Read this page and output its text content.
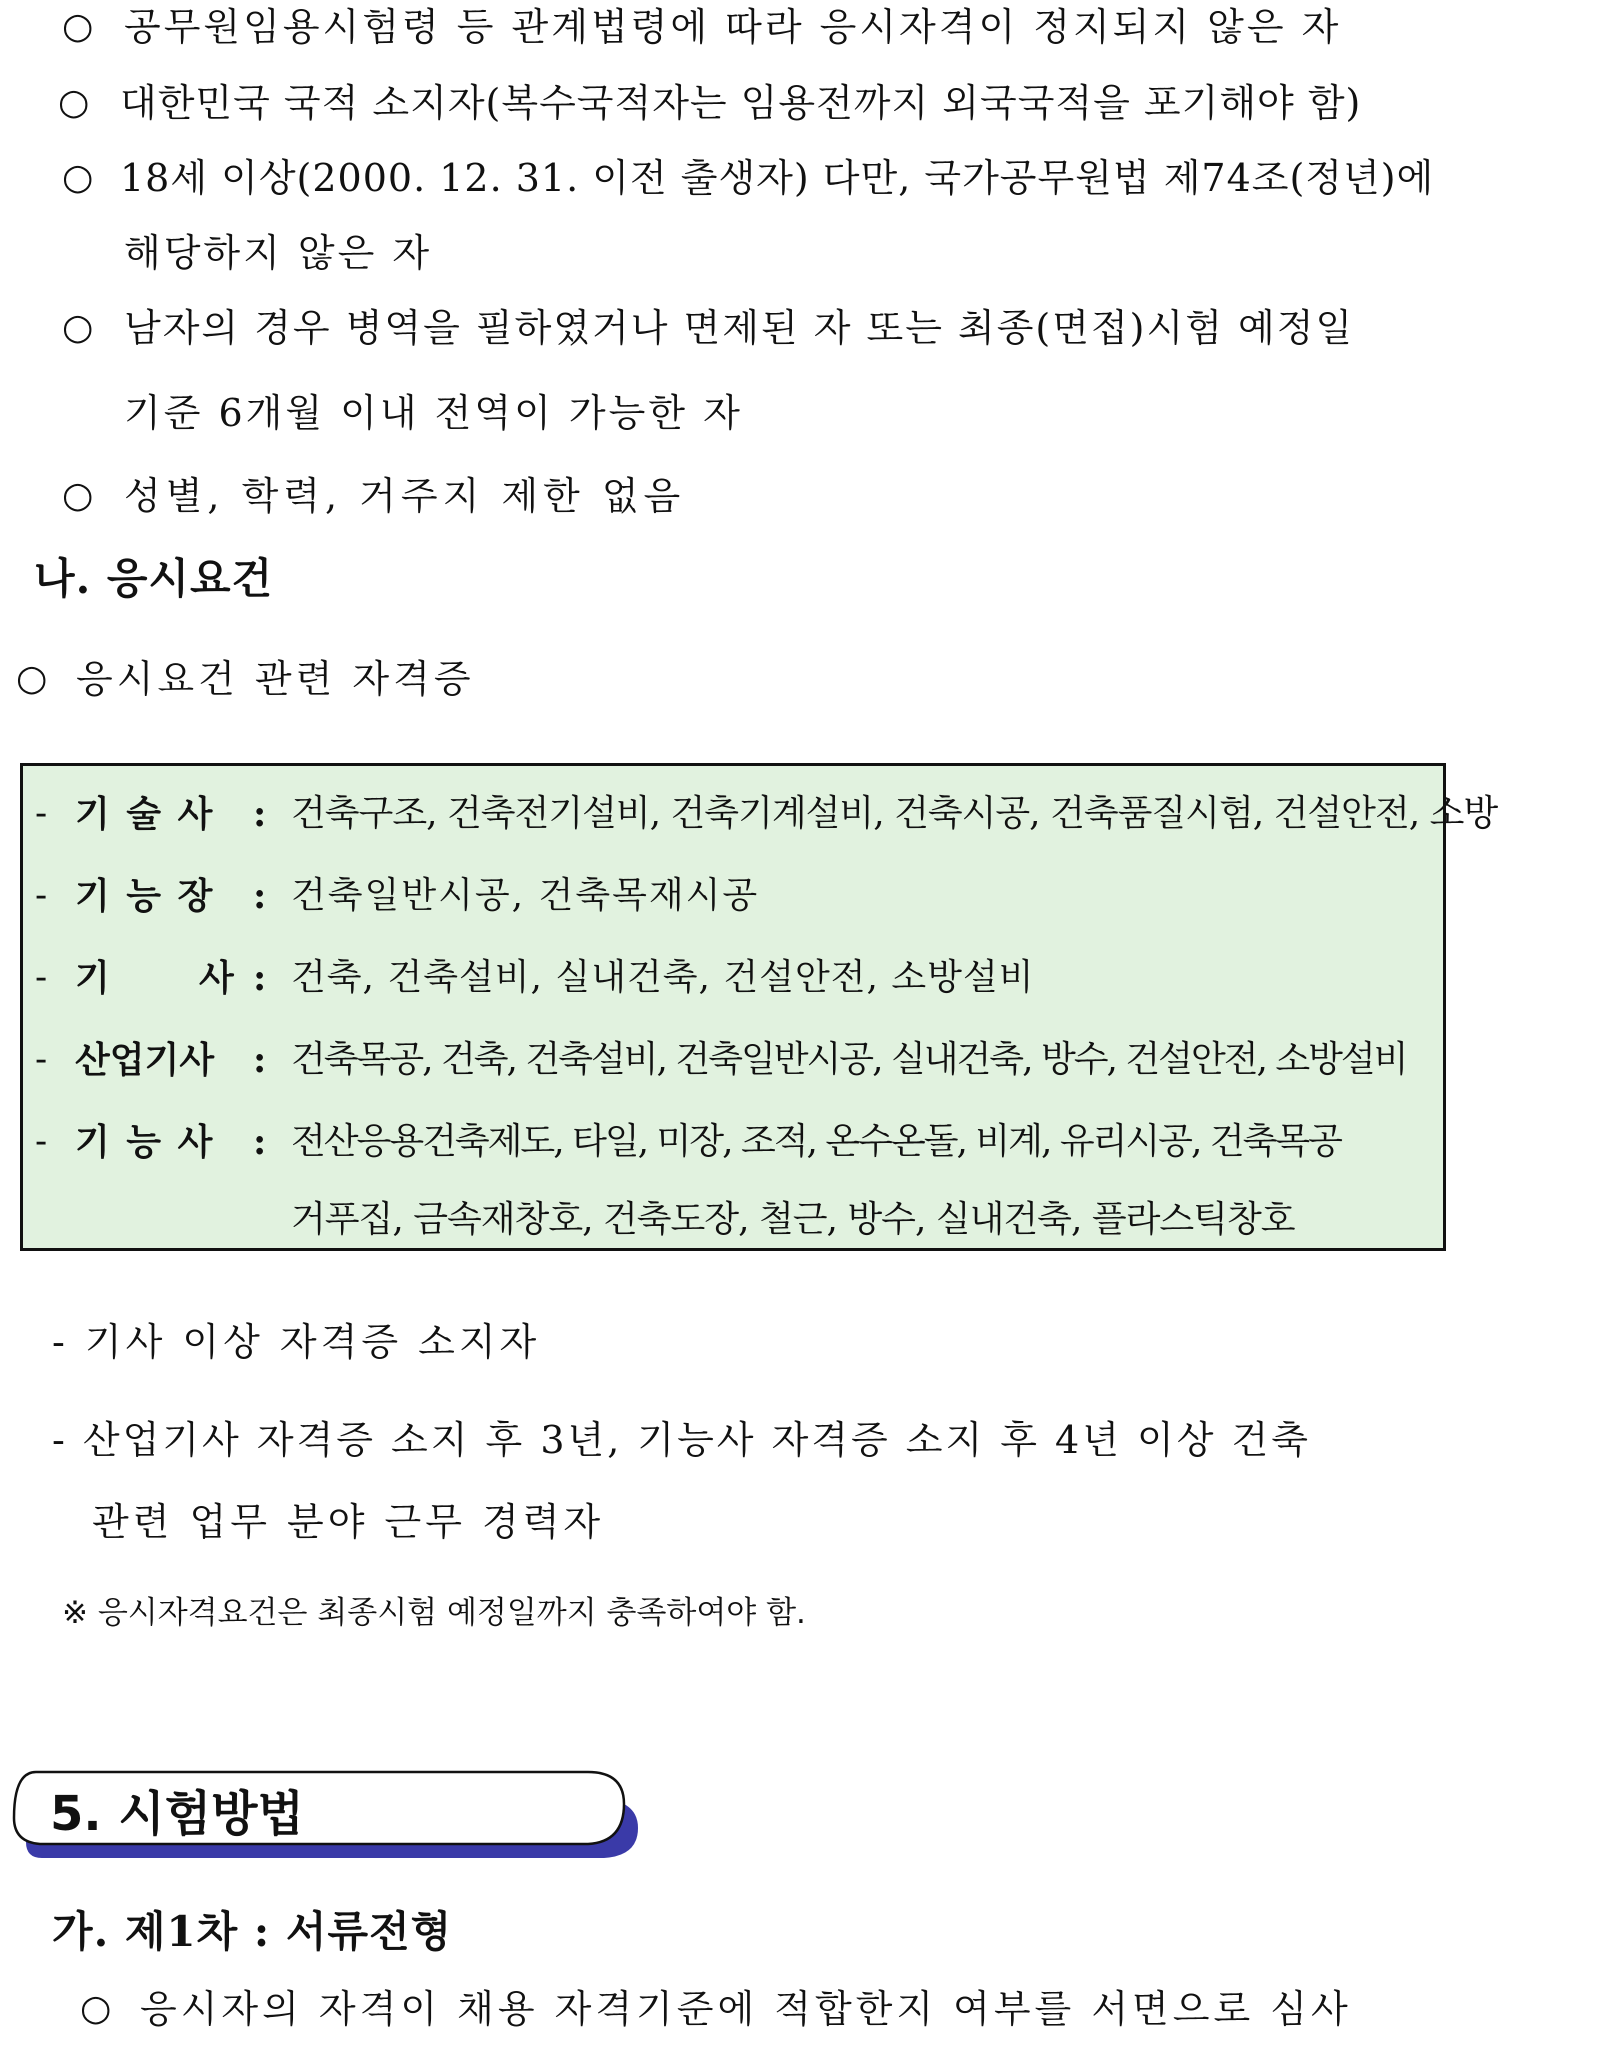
○ 공무원임용시험령 등 관계법령에 따라 응시자격이 정지되지 않은 자
○ 대한민국 국적 소지자(복수국적자는 임용전까지 외국국적을 포기해야 함)
○ 18세 이상(2000. 12. 31. 이전 출생자) 다만, 국가공무원법 제74조(정년)에
해당하지 않은 자
○ 남자의 경우 병역을 필하였거나 면제된 자 또는 최종(면접)시험 예정일
기준 6개월 이내 전역이 가능한 자
○ 성별, 학력, 거주지 제한 없음
나. 응시요건
○ 응시요건 관련 자격증
- 기 술 사 : 건축구조, 건축전기설비, 건축기계설비, 건축시공, 건축품질시험, 건설안전, 소방
- 기 능 장 : 건축일반시공, 건축목재시공
- 기      사 : 건축, 건축설비, 실내건축, 건설안전, 소방설비
- 산업기사 : 건축목공, 건축, 건축설비, 건축일반시공, 실내건축, 방수, 건설안전, 소방설비
- 기 능 사 : 전산응용건축제도, 타일, 미장, 조적, 온수온돌, 비계, 유리시공, 건축목공
거푸집, 금속재창호, 건축도장, 철근, 방수, 실내건축, 플라스틱창호
- 기사 이상 자격증 소지자
- 산업기사 자격증 소지 후 3년, 기능사 자격증 소지 후 4년 이상 건축
관련 업무 분야 근무 경력자
※ 응시자격요건은 최종시험 예정일까지 충족하여야 함.
5. 시험방법
가. 제1차 : 서류전형
○ 응시자의 자격이 채용 자격기준에 적합한지 여부를 서면으로 심사
